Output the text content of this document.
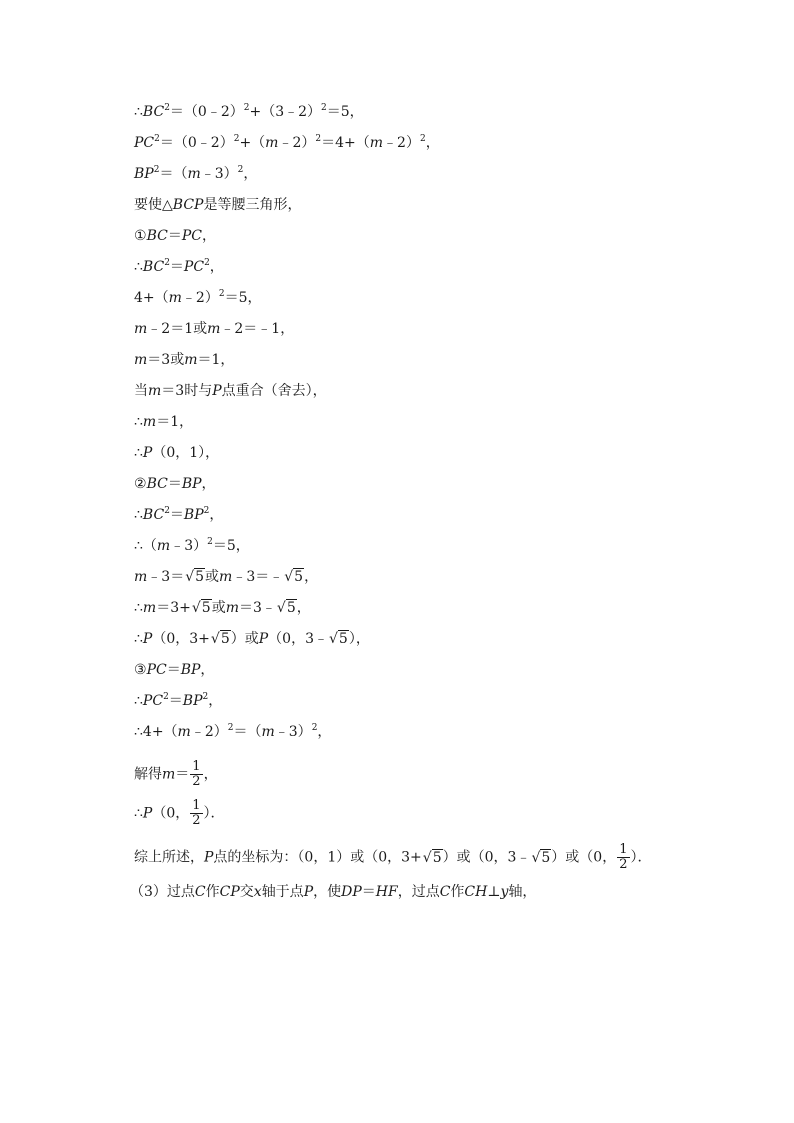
$\therefore BC^2=(0﹣2)^2+(3﹣2)^2=5$，
$PC^2=(0﹣2)^2+(m﹣2)^2=4+(m﹣2)^2$，
$BP^2=(m﹣3)^2$，
要使△BCP是等腰三角形，
①BC＝PC，
$\therefore BC^2=PC^2$，
4+（m﹣2）$^2$＝5，
m﹣2＝1或m﹣2＝﹣1，
m＝3或m＝1，
当m＝3时与P点重合（舍去），
∴m＝1，
∴P（0，1），
②BC＝BP，
$\therefore BC^2=BP^2$，
∴（m﹣3）$^2$＝5，
m﹣3＝√5或m﹣3＝﹣√5，
∴m＝3+√5或m＝3﹣√5，
∴P（0，3+√5）或P（0，3﹣√5），
③PC＝BP，
$\therefore PC^2=BP^2$，
∴4+（m﹣2）$^2$＝（m﹣3）$^2$，
解得$m= \frac{1}{2}$ ，
∴P（0， $\frac{1}{2}$ ）．
综上所述，P点的坐标为：（0，1）或（0，3+√5）或（0，3﹣√5）或（0， $\frac{1}{2}$ ）．
（3）过点C作CP交x轴于点P，使DP＝HF，过点C作CH⊥y轴，
